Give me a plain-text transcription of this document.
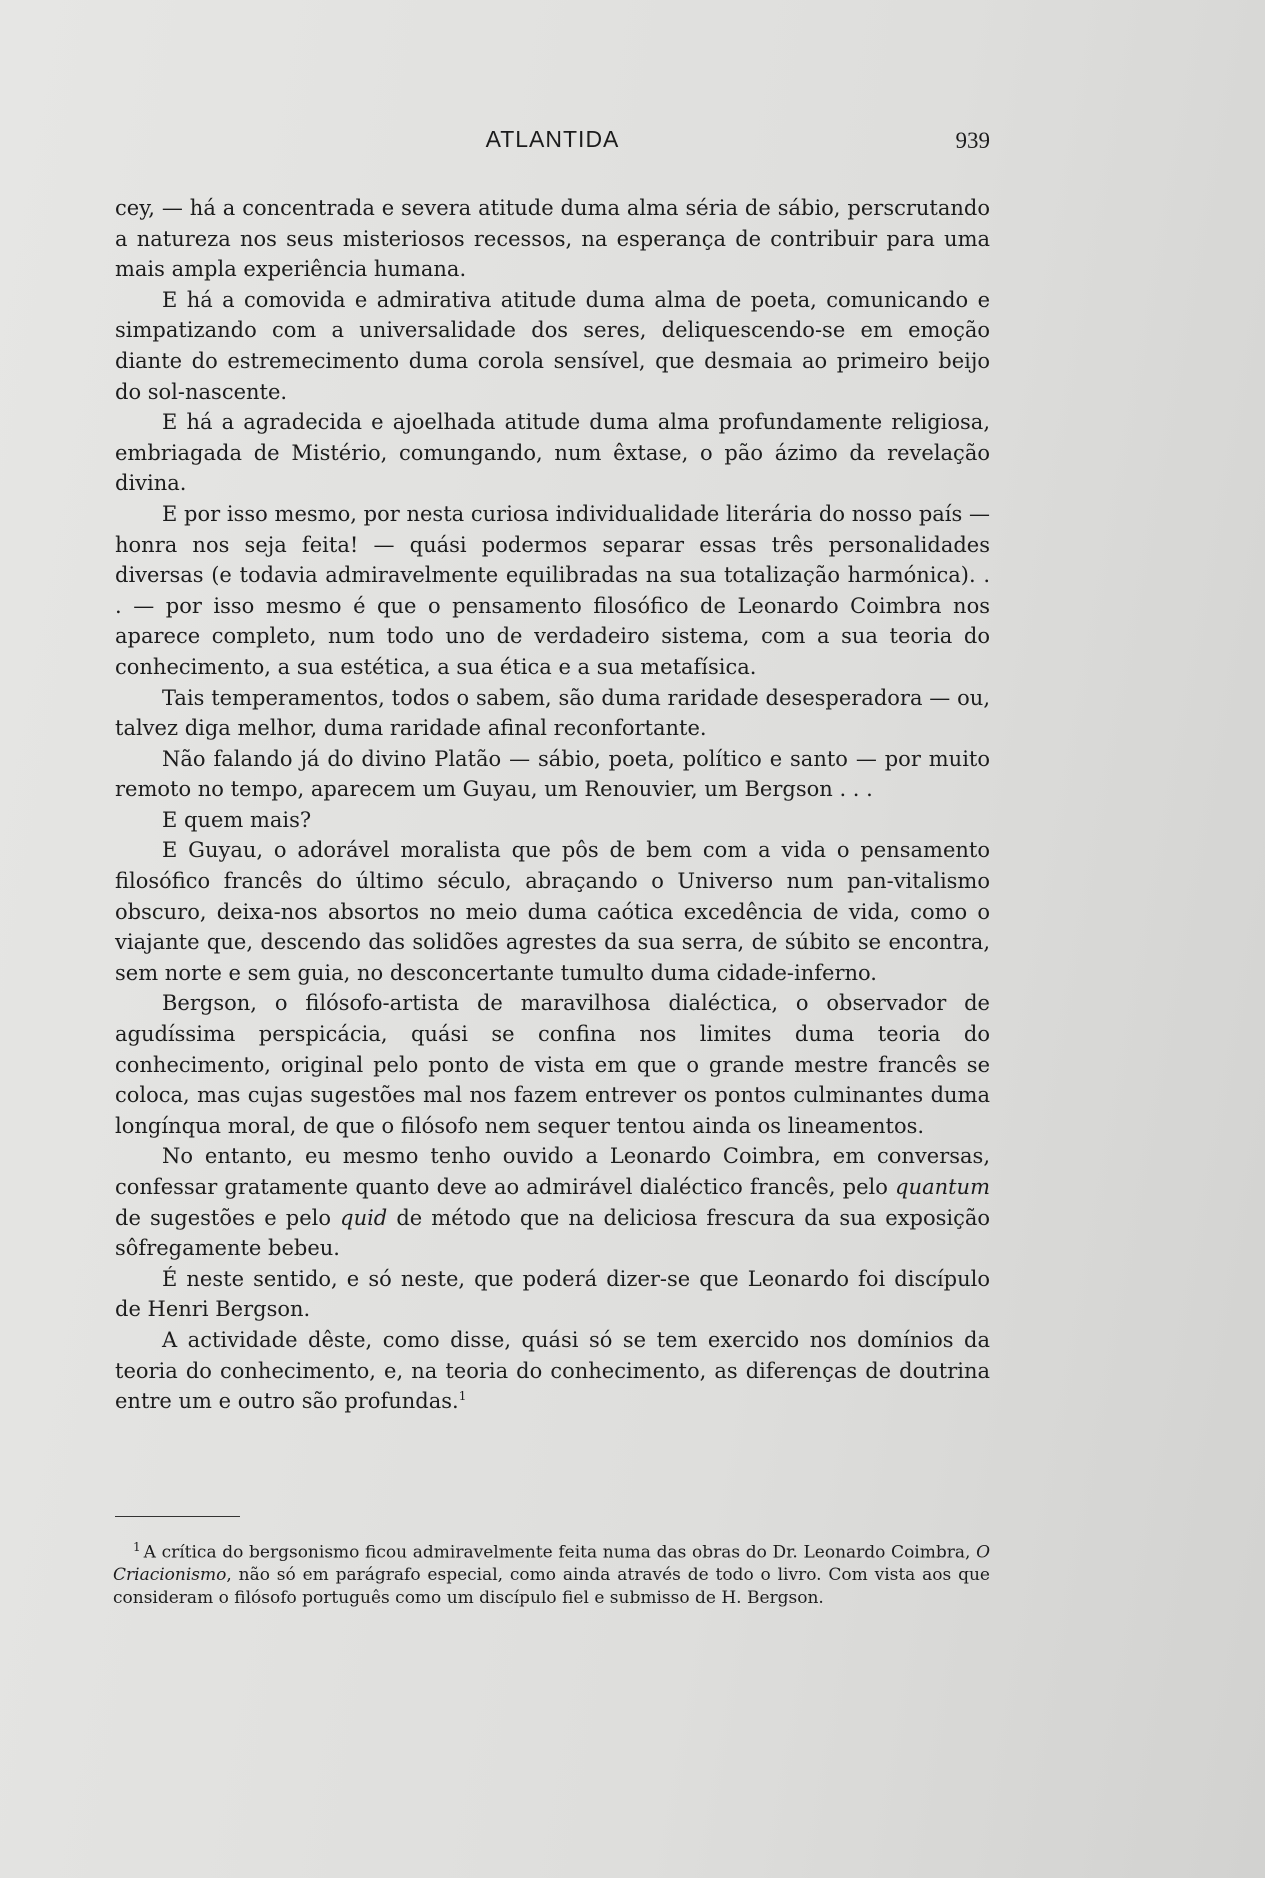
ATLANTIDA	939

cey, — há a concentrada e severa atitude duma alma séria de sábio, perscrutando a natureza nos seus misteriosos recessos, na esperança de contribuir para uma mais ampla experiência humana.

E há a comovida e admirativa atitude duma alma de poeta, comunicando e simpatizando com a universalidade dos seres, deliquescendo-se em emoção diante do estremecimento duma corola sensível, que desmaia ao primeiro beijo do sol-nascente.

E há a agradecida e ajoelhada atitude duma alma profundamente religiosa, embriagada de Mistério, comungando, num êxtase, o pão ázimo da revelação divina.

E por isso mesmo, por nesta curiosa individualidade literária do nosso país — honra nos seja feita! — quási podermos separar essas três personalidades diversas (e todavia admiravelmente equilibradas na sua totalização harmónica). . . — por isso mesmo é que o pensamento filosófico de Leonardo Coimbra nos aparece completo, num todo uno de verdadeiro sistema, com a sua teoria do conhecimento, a sua estética, a sua ética e a sua metafísica.

Tais temperamentos, todos o sabem, são duma raridade desesperadora — ou, talvez diga melhor, duma raridade afinal reconfortante.

Não falando já do divino Platão — sábio, poeta, político e santo — por muito remoto no tempo, aparecem um Guyau, um Renouvier, um Bergson . . .

E quem mais?

E Guyau, o adorável moralista que pôs de bem com a vida o pensamento filosófico francês do último século, abraçando o Universo num pan-vitalismo obscuro, deixa-nos absortos no meio duma caótica excedência de vida, como o viajante que, descendo das solidões agrestes da sua serra, de súbito se encontra, sem norte e sem guia, no desconcertante tumulto duma cidade-inferno.

Bergson, o filósofo-artista de maravilhosa dialéctica, o observador de agudíssima perspicácia, quási se confina nos limites duma teoria do conhecimento, original pelo ponto de vista em que o grande mestre francês se coloca, mas cujas sugestões mal nos fazem entrever os pontos culminantes duma longínqua moral, de que o filósofo nem sequer tentou ainda os lineamentos.

No entanto, eu mesmo tenho ouvido a Leonardo Coimbra, em conversas, confessar gratamente quanto deve ao admirável dialéctico francês, pelo quantum de sugestões e pelo quid de método que na deliciosa frescura da sua exposição sôfregamente bebeu.

É neste sentido, e só neste, que poderá dizer-se que Leonardo foi discípulo de Henri Bergson.

A actividade dêste, como disse, quási só se tem exercido nos domínios da teoria do conhecimento, e, na teoria do conhecimento, as diferenças de doutrina entre um e outro são profundas.$^1$

$^1$ A crítica do bergsonismo ficou admiravelmente feita numa das obras do Dr. Leonardo Coimbra, O Criacionismo, não só em parágrafo especial, como ainda através de todo o livro. Com vista aos que consideram o filósofo português como um discípulo fiel e submisso de H. Bergson.
